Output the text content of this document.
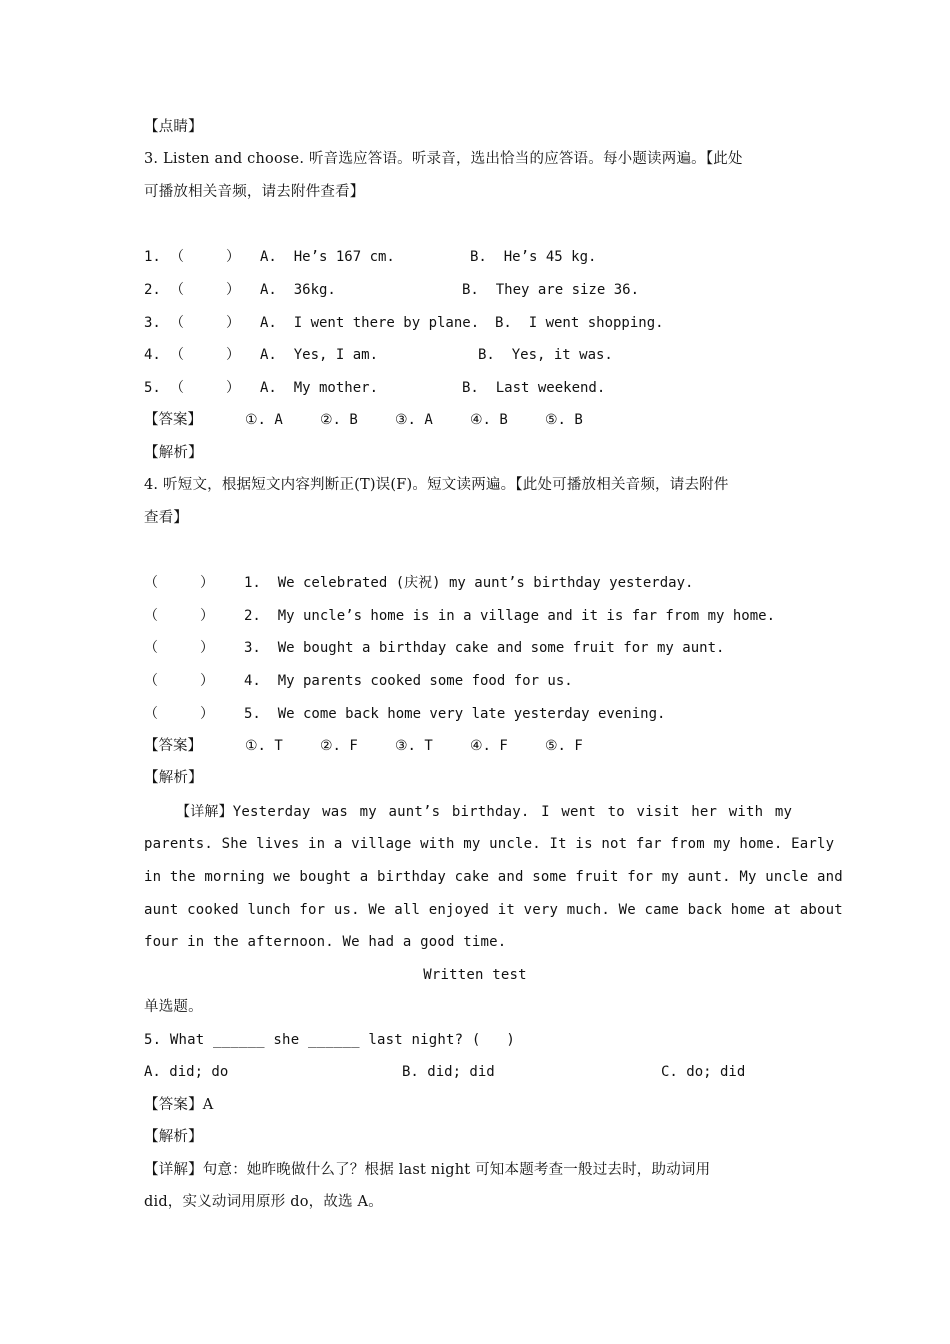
【点睛】
3. Listen and choose. 听音选应答语。听录音，选出恰当的应答语。每小题读两遍。【此处
可播放相关音频，请去附件查看】
1. （　　　） A.  He’s 167 cm.	B.  He’s 45 kg.
2. （　　　） A.  36kg.	B.  They are size 36.
3. （　　　） A.  I went there by plane. B.  I went shopping.
4. （　　　） A.  Yes, I am.	B.  Yes, it was.
5. （　　　） A.  My mother.	B.  Last weekend.
【答案】	①. A	②. B	③. A	④. B	⑤. B
【解析】
4. 听短文，根据短文内容判断正(T)误(F)。短文读两遍。【此处可播放相关音频，请去附件
查看】
（　　　） 1.  We celebrated (庆祝) my aunt’s birthday yesterday.
（　　　） 2.  My uncle’s home is in a village and it is far from my home.
（　　　） 3.  We bought a birthday cake and some fruit for my aunt.
（　　　） 4.  My parents cooked some food for us.
（　　　） 5.  We come back home very late yesterday evening.
【答案】	①. T	②. F	③. T	④. F	⑤. F
【解析】
【详解】Yesterday was my aunt’s birthday. I went to visit her with my
parents. She lives in a village with my uncle. It is not far from my home. Early
in the morning we bought a birthday cake and some fruit for my aunt. My uncle and
aunt cooked lunch for us. We all enjoyed it very much. We came back home at about
four in the afternoon. We had a good time.
Written test
单选题。
5. What ______ she ______ last night? (   )
A. did; do	B. did; did	C. do; did
【答案】A
【解析】
【详解】句意：她昨晚做什么了？根据 last night 可知本题考查一般过去时，助动词用
did，实义动词用原形 do，故选 A。
